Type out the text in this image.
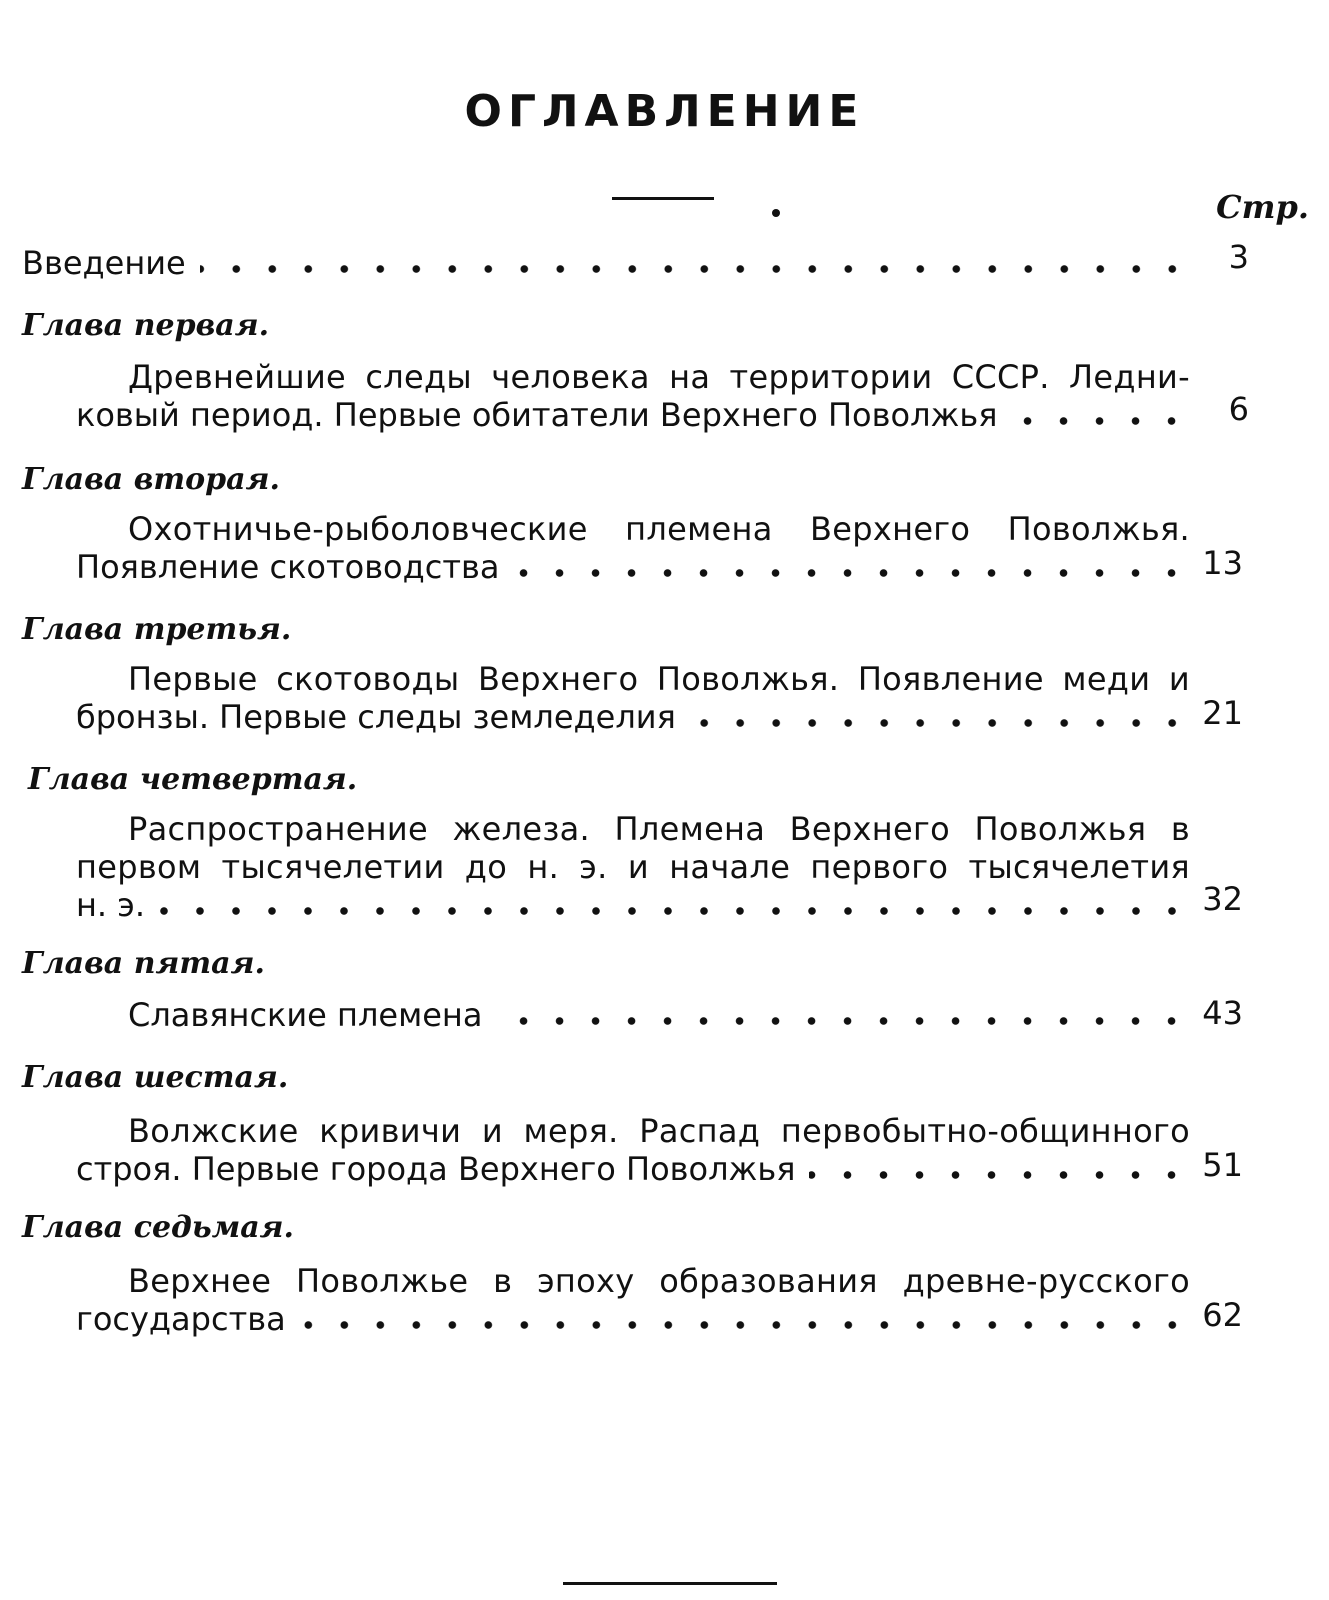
ОГЛАВЛЕНИЕ
Стр.
Введение	3
Глава первая.
Древнейшие следы человека на территории СССР. Ледни-
ковый период. Первые обитатели Верхнего Поволжья	6
Глава вторая.
Охотничье-рыболовческие племена Верхнего Поволжья.
Появление скотоводства	13
Глава третья.
Первые скотоводы Верхнего Поволжья. Появление меди и
бронзы. Первые следы земледелия	21
Глава четвертая.
Распространение железа. Племена Верхнего Поволжья в
первом тысячелетии до н. э. и начале первого тысячелетия
н. э.	32
Глава пятая.
Славянские племена	43
Глава шестая.
Волжские кривичи и меря. Распад первобытно-общинного
строя. Первые города Верхнего Поволжья	51
Глава седьмая.
Верхнее Поволжье в эпоху образования древне-русского
государства	62
